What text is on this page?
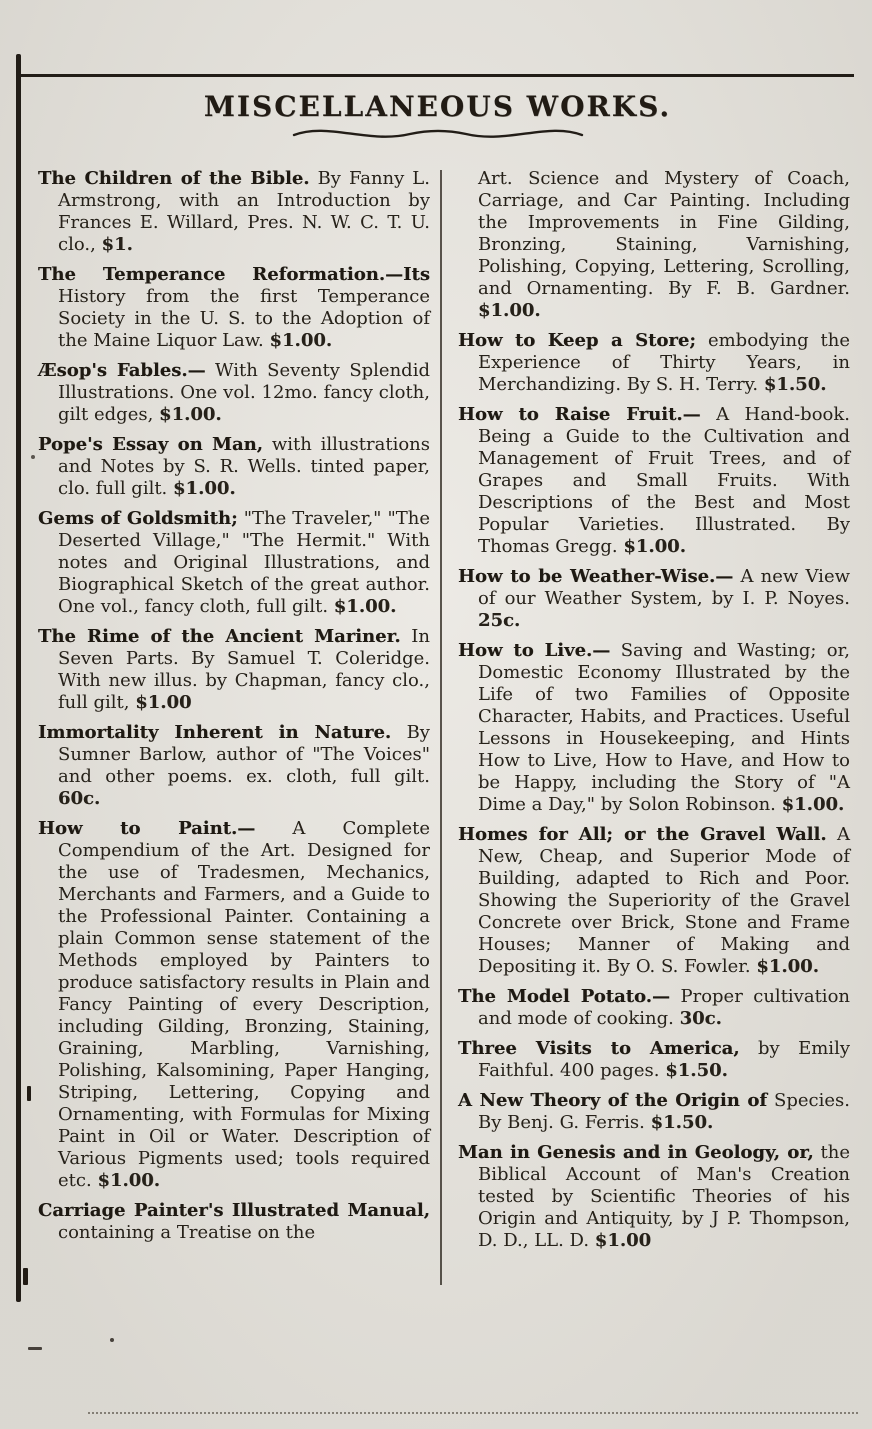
MISCELLANEOUS WORKS.

The Children of the Bible. By Fanny L. Armstrong, with an Introduction by Frances E. Willard, Pres. N. W. C. T. U. clo., $1.

The Temperance Reformation.—Its History from the first Temperance Society in the U. S. to the Adoption of the Maine Liquor Law. $1.00.

Æsop's Fables.— With Seventy Splendid Illustrations. One vol. 12mo. fancy cloth, gilt edges, $1.00.

Pope's Essay on Man, with illustrations and Notes by S. R. Wells. tinted paper, clo. full gilt. $1.00.

Gems of Goldsmith; "The Traveler," "The Deserted Village," "The Hermit." With notes and Original Illustrations, and Biographical Sketch of the great author. One vol., fancy cloth, full gilt. $1.00.

The Rime of the Ancient Mariner. In Seven Parts. By Samuel T. Coleridge. With new illus. by Chapman, fancy clo., full gilt, $1.00

Immortality Inherent in Nature. By Sumner Barlow, author of "The Voices" and other poems. ex. cloth, full gilt. 60c.

How to Paint.— A Complete Compendium of the Art. Designed for the use of Tradesmen, Mechanics, Merchants and Farmers, and a Guide to the Professional Painter. Containing a plain Common sense statement of the Methods employed by Painters to produce satisfactory results in Plain and Fancy Painting of every Description, including Gilding, Bronzing, Staining, Graining, Marbling, Varnishing, Polishing, Kalsomining, Paper Hanging, Striping, Lettering, Copying and Ornamenting, with Formulas for Mixing Paint in Oil or Water. Description of Various Pigments used; tools required etc. $1.00.

Carriage Painter's Illustrated Manual, containing a Treatise on the

Art. Science and Mystery of Coach, Carriage, and Car Painting. Including the Improvements in Fine Gilding, Bronzing, Staining, Varnishing, Polishing, Copying, Lettering, Scrolling, and Ornamenting. By F. B. Gardner. $1.00.

How to Keep a Store; embodying the Experience of Thirty Years, in Merchandizing. By S. H. Terry. $1.50.

How to Raise Fruit.— A Hand-book. Being a Guide to the Cultivation and Management of Fruit Trees, and of Grapes and Small Fruits. With Descriptions of the Best and Most Popular Varieties. Illustrated. By Thomas Gregg. $1.00.

How to be Weather-Wise.— A new View of our Weather System, by I. P. Noyes. 25c.

How to Live.— Saving and Wasting; or, Domestic Economy Illustrated by the Life of two Families of Opposite Character, Habits, and Practices. Useful Lessons in Housekeeping, and Hints How to Live, How to Have, and How to be Happy, including the Story of "A Dime a Day," by Solon Robinson. $1.00.

Homes for All; or the Gravel Wall. A New, Cheap, and Superior Mode of Building, adapted to Rich and Poor. Showing the Superiority of the Gravel Concrete over Brick, Stone and Frame Houses; Manner of Making and Depositing it. By O. S. Fowler. $1.00.

The Model Potato.— Proper cultivation and mode of cooking. 30c.

Three Visits to America, by Emily Faithful. 400 pages. $1.50.

A New Theory of the Origin of Species. By Benj. G. Ferris. $1.50.

Man in Genesis and in Geology, or, the Biblical Account of Man's Creation tested by Scientific Theories of his Origin and Antiquity, by J P. Thompson, D. D., LL. D. $1.00
